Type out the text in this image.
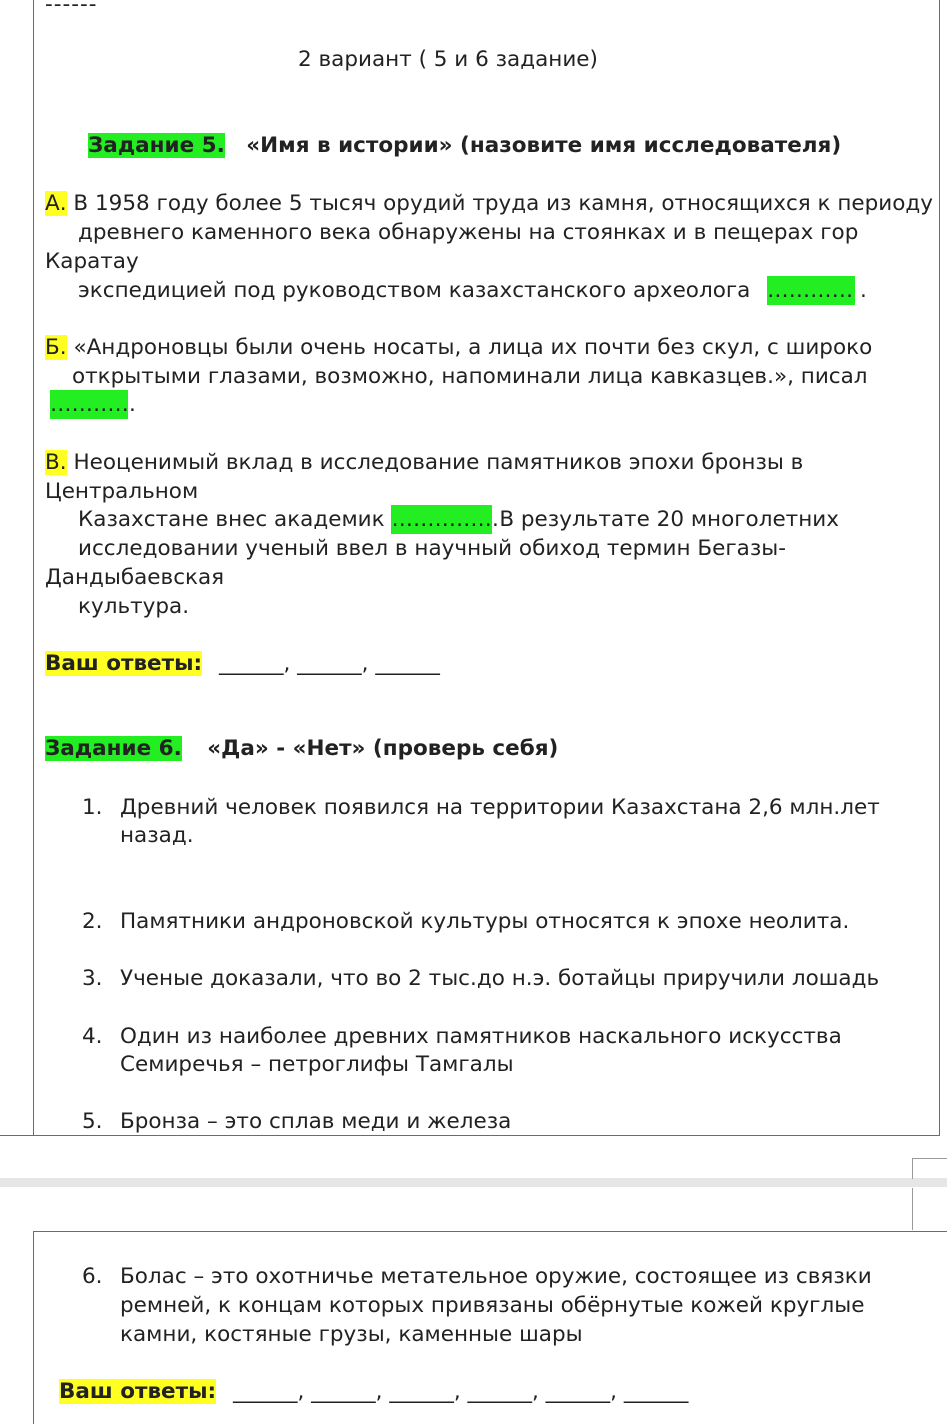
------
2 вариант ( 5 и 6 задание)
Задание 5. «Имя в истории» (назовите имя исследователя)
А. В 1958 году более 5 тысяч орудий труда из камня, относящихся к периоду
древнего каменного века обнаружены на стоянках и в пещерах гор
Каратау
экспедицией под руководством казахстанского археолога ………… .
Б. «Андроновцы были очень носаты, а лица их почти без скул, с широко
открытыми глазами, возможно, напоминали лица кавказцев.», писал
…………
В. Неоценимый вклад в исследование памятников эпохи бронзы в
Центральном
Казахстане внес академик …………… В результате 20 многолетних
исследовании ученый ввел в научный обиход термин Бегазы-
Дандыбаевская
культура.
Ваш ответы: ______, ______, ______
Задание 6. «Да» - «Нет» (проверь себя)
1. Древний человек появился на территории Казахстана 2,6 млн.лет
назад.
2. Памятники андроновской культуры относятся к эпохе неолита.
3. Ученые доказали, что во 2 тыс.до н.э. ботайцы приручили лошадь
4. Один из наиболее древних памятников наскального искусства
Семиречья – петроглифы Тамгалы
5. Бронза – это сплав меди и железа
6. Болас – это охотничье метательное оружие, состоящее из связки
ремней, к концам которых привязаны обёрнутые кожей круглые
камни, костяные грузы, каменные шары
Ваш ответы: ______, ______, ______, ______, ______, ______
